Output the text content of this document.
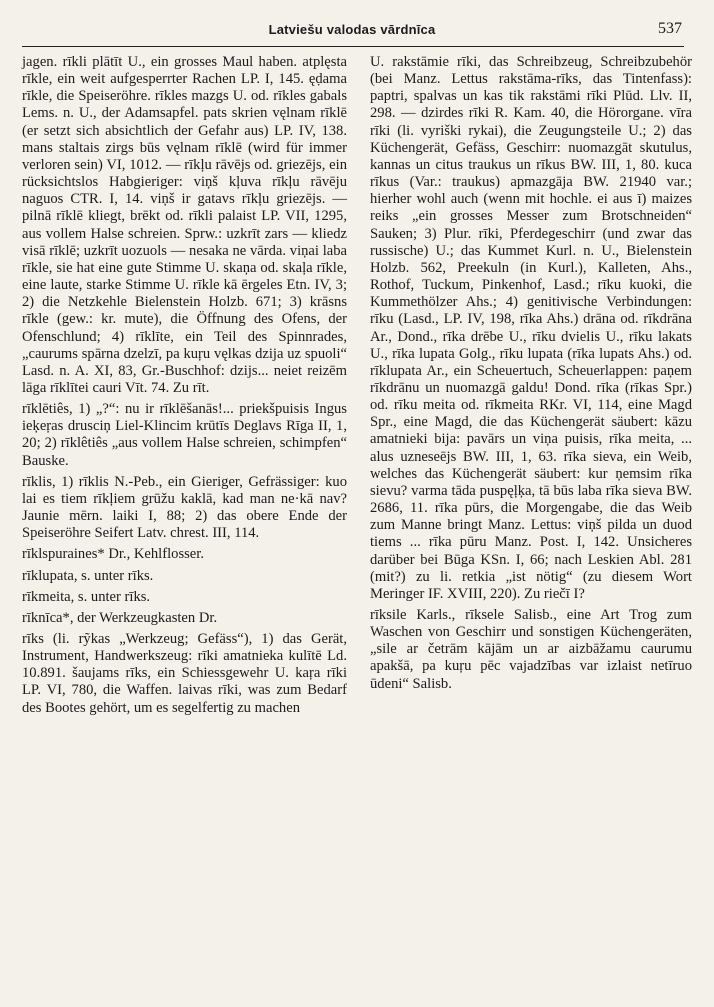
Latviešu valodas vārdnīca	537

jagen. rīkli plātīt U., ein grosses Maul haben. atplęsta rīkle, ein weit aufgesperrter Rachen LP. I, 145. ęḍama rīkle, die Speiseröhre. rīkles mazgs U. od. rīkles gabals Lems. n. U., der Adamsapfel. pats skrien vęlnam rīklē (er setzt sich absichtlich der Gefahr aus) LP. IV, 138. mans staltais zirgs būs vęlnam rīklē (wird für immer verloren sein) VI, 1012. — rīkļu rāvējs od. griezējs, ein rücksichtslos Habgieriger: viņš kļuva rīkļu rāvēju naguos CTR. I, 14. viņš ir gatavs rīkļu griezējs. — pilnā rīklē kliegt, brēkt od. rīkli palaist LP. VII, 1295, aus vollem Halse schreien. Sprw.: uzkrīt zars — kliedz visā rīklē; uzkrīt uozuols — nesaka ne vārda. viņai laba rīkle, sie hat eine gute Stimme U. skaņa od. skaļa rīkle, eine laute, starke Stimme U. rīkle kā ērgeles Etn. IV, 3; 2) die Netzkehle Bielenstein Holzb. 671; 3) krāsns rīkle (gew.: kr. mute), die Öffnung des Ofens, der Ofenschlund; 4) rīklīte, ein Teil des Spinnrades, „caurums spārna dzelzī, pa kuŗu vęlkas dzija uz spuoli“ Lasd. n. A. XI, 83, Gr.-Buschhof: dzijs... neiet reizēm lāga rīklītei cauri Vīt. 74. Zu rīt.

rīklētiês, 1) „?“: nu ir rīklēšanās!... priekšpuisis Ingus ieķeŗas drusciņ Liel-Klincim krūtīs Deglavs Rīga II, 1, 20; 2) rīklêtiês „aus vollem Halse schreien, schimpfen“ Bauske.

rīklis, 1) rīklis N.-Peb., ein Gieriger, Gefrässiger: kuo lai es tiem rīkļiem grūžu kaklā, kad man ne·kā nav? Jaunie mērn. laiki I, 88; 2) das obere Ende der Speiseröhre Seifert Latv. chrest. III, 114.

rīklspuraines* Dr., Kehlflosser.

rīklupata, s. unter rīks.

rīkmeita, s. unter rīks.

rīknīca*, der Werkzeugkasten Dr.

rīks (li. rỹkas „Werkzeug; Gefäss“), 1) das Gerät, Instrument, Handwerkszeug: rīki amatnieka kulītē Ld. 10.891. šaujams rīks, ein Schiessgewehr U. kaŗa rīki LP. VI, 780, die Waffen. laivas rīki, was zum Bedarf des Bootes gehört, um es segelfertig zu machen

U. rakstāmie rīki, das Schreibzeug, Schreibzubehör (bei Manz. Lettus rakstāma-rīks, das Tintenfass): paptri, spalvas un kas tik rakstāmi rīki Plūd. Llv. II, 298. — dzirdes rīki R. Kam. 40, die Hörorgane. vīra rīki (li. vyriški rykai), die Zeugungsteile U.; 2) das Küchengerät, Gefäss, Geschirr: nuomazgāt skutulus, kannas un citus traukus un rīkus BW. III, 1, 80. kuca rīkus (Var.: traukus) apmazgāja BW. 21940 var.; hierher wohl auch (wenn mit hochle. ei aus ī) maizes reiks „ein grosses Messer zum Brotschneiden“ Sauken; 3) Plur. rīki, Pferdegeschirr (und zwar das russische) U.; das Kummet Kurl. n. U., Bielenstein Holzb. 562, Preekuln (in Kurl.), Kalleten, Ahs., Rothof, Tuckum, Pinkenhof, Lasd.; rīku kuoki, die Kummethölzer Ahs.; 4) genitivische Verbindungen: rīku (Lasd., LP. IV, 198, rīka Ahs.) drāna od. rīkdrāna Ar., Dond., rīka drēbe U., rīku dvielis U., rīku lakats U., rīka lupata Golg., rīku lupata (rīka lupats Ahs.) od. rīklupata Ar., ein Scheuertuch, Scheuerlappen: paņem rīkdrānu un nuomazgā galdu! Dond. rīka (rīkas Spr.) od. rīku meita od. rīkmeita RKr. VI, 114, eine Magd Spr., eine Magd, die das Küchengerät säubert: kāzu amatnieki bija: pavārs un viņa puisis, rīka meita, ... alus uzneseējs BW. III, 1, 63. rīka sieva, ein Weib, welches das Küchengerät säubert: kur ņemsim rīka sievu? varma tāda puspęļķa, tā būs laba rīka sieva BW. 2686, 11. rīka pūrs, die Morgengabe, die das Weib zum Manne bringt Manz. Lettus: viņš pilda un duod tiems ... rīka pūru Manz. Post. I, 142. Unsicheres darüber bei Būga KSn. I, 66; nach Leskien Abl. 281 (mit?) zu li. retkia „ist nötig“ (zu diesem Wort Meringer IF. XVIII, 220). Zu riečī I?

rīksile Karls., rīksele Salisb., eine Art Trog zum Waschen von Geschirr und sonstigen Küchengeräten, „sile ar četrām kājām un ar aizbāžamu caurumu apakšā, pa kuŗu pēc vajadzības var izlaist netīruo ūdeni“ Salisb.
